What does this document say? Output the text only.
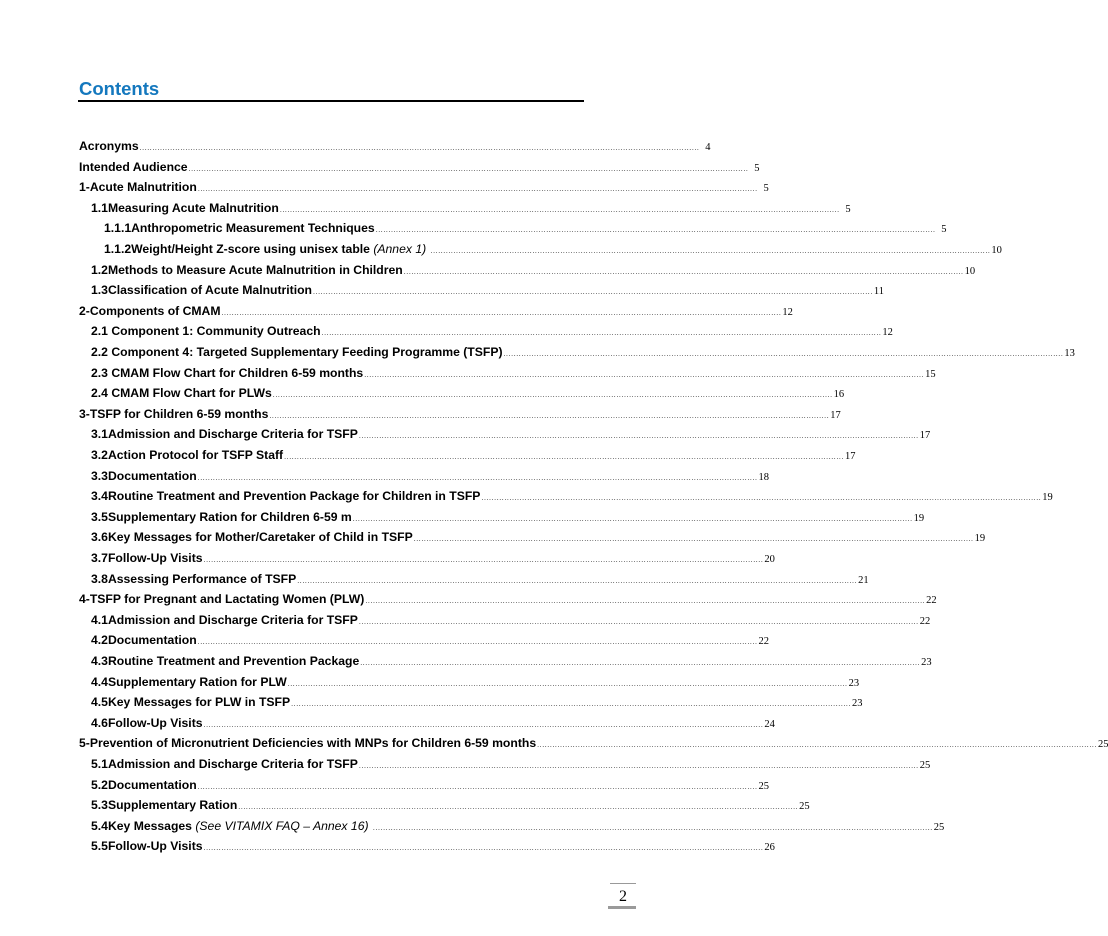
Contents
Acronyms ............................................................................................................................................................................................................................ 4
Intended Audience ............................................................................................................................................................................................................................ 5
1- Acute Malnutrition ............................................................................................................................................................................................................................ 5
1.1 Measuring Acute Malnutrition ............................................................................................................................................................................................................................ 5
1.1.1 Anthropometric Measurement Techniques ............................................................................................................................................................................................................................ 5
1.1.2 Weight/Height Z-score using unisex table (Annex 1) ............................................................................................................................................................................................................................ 10
1.2 Methods to Measure Acute Malnutrition in Children ............................................................................................................................................................................................................................ 10
1.3 Classification of Acute Malnutrition ............................................................................................................................................................................................................................ 11
2- Components of CMAM ............................................................................................................................................................................................................................ 12
2.1 Component 1: Community Outreach ............................................................................................................................................................................................................................ 12
2.2 Component 4: Targeted Supplementary Feeding Programme (TSFP) ............................................................................................................................................................................................................................ 13
2.3 CMAM Flow Chart for Children 6-59 months ............................................................................................................................................................................................................................ 15
2.4 CMAM Flow Chart for PLWs ............................................................................................................................................................................................................................ 16
3- TSFP for Children 6-59 months ............................................................................................................................................................................................................................ 17
3.1 Admission and Discharge Criteria for TSFP ............................................................................................................................................................................................................................ 17
3.2 Action Protocol for TSFP Staff ............................................................................................................................................................................................................................ 17
3.3 Documentation ............................................................................................................................................................................................................................ 18
3.4 Routine Treatment and Prevention Package for Children in TSFP ............................................................................................................................................................................................................................ 19
3.5 Supplementary Ration for Children 6-59 m ............................................................................................................................................................................................................................ 19
3.6 Key Messages for Mother/Caretaker of Child in TSFP ............................................................................................................................................................................................................................ 19
3.7 Follow-Up Visits ............................................................................................................................................................................................................................ 20
3.8 Assessing Performance of TSFP ............................................................................................................................................................................................................................ 21
4- TSFP for Pregnant and Lactating Women (PLW) ............................................................................................................................................................................................................................ 22
4.1 Admission and Discharge Criteria for TSFP ............................................................................................................................................................................................................................ 22
4.2 Documentation ............................................................................................................................................................................................................................ 22
4.3 Routine Treatment and Prevention Package ............................................................................................................................................................................................................................ 23
4.4 Supplementary Ration for PLW ............................................................................................................................................................................................................................ 23
4.5 Key Messages for PLW in TSFP ............................................................................................................................................................................................................................ 23
4.6 Follow-Up Visits ............................................................................................................................................................................................................................ 24
5- Prevention of Micronutrient Deficiencies with MNPs for Children 6-59 months ............................................................................................................................................................................................................................ 25
5.1 Admission and Discharge Criteria for TSFP ............................................................................................................................................................................................................................ 25
5.2 Documentation ............................................................................................................................................................................................................................ 25
5.3 Supplementary Ration ............................................................................................................................................................................................................................ 25
5.4 Key Messages (See VITAMIX FAQ – Annex 16) ............................................................................................................................................................................................................................ 25
5.5 Follow-Up Visits ............................................................................................................................................................................................................................ 26
2
